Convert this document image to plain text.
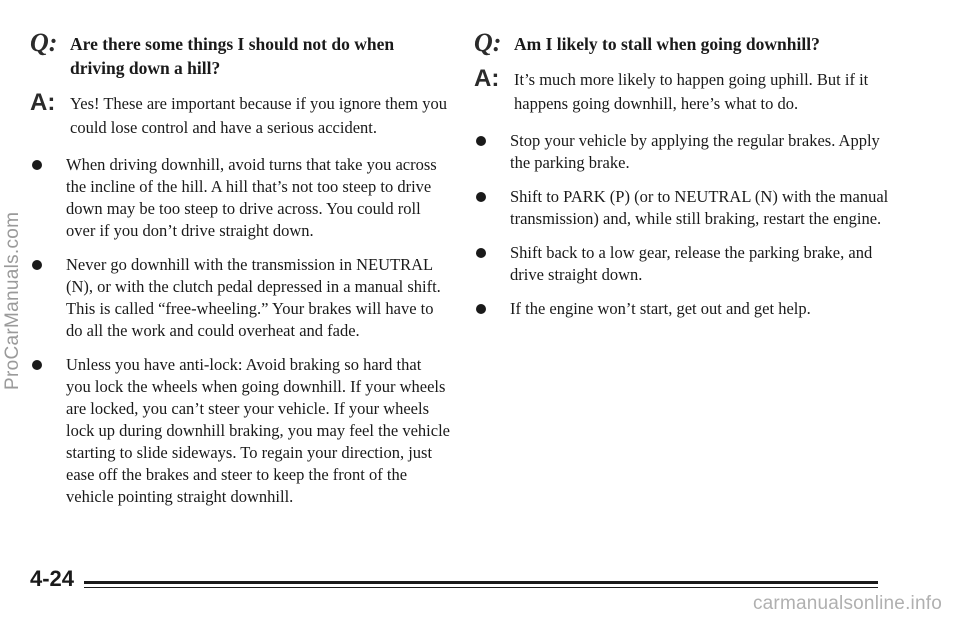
Q: Are there some things I should not do when driving down a hill?
A: Yes! These are important because if you ignore them you could lose control and have a serious accident.
When driving downhill, avoid turns that take you across the incline of the hill. A hill that’s not too steep to drive down may be too steep to drive across. You could roll over if you don’t drive straight down.
Never go downhill with the transmission in NEUTRAL (N), or with the clutch pedal depressed in a manual shift. This is called “free-wheeling.” Your brakes will have to do all the work and could overheat and fade.
Unless you have anti-lock: Avoid braking so hard that you lock the wheels when going downhill. If your wheels are locked, you can’t steer your vehicle. If your wheels lock up during downhill braking, you may feel the vehicle starting to slide sideways. To regain your direction, just ease off the brakes and steer to keep the front of the vehicle pointing straight downhill.
Q: Am I likely to stall when going downhill?
A: It’s much more likely to happen going uphill. But if it happens going downhill, here’s what to do.
Stop your vehicle by applying the regular brakes. Apply the parking brake.
Shift to PARK (P) (or to NEUTRAL (N) with the manual transmission) and, while still braking, restart the engine.
Shift back to a low gear, release the parking brake, and drive straight down.
If the engine won’t start, get out and get help.
ProCarManuals.com
4-24
carmanualsonline.info
